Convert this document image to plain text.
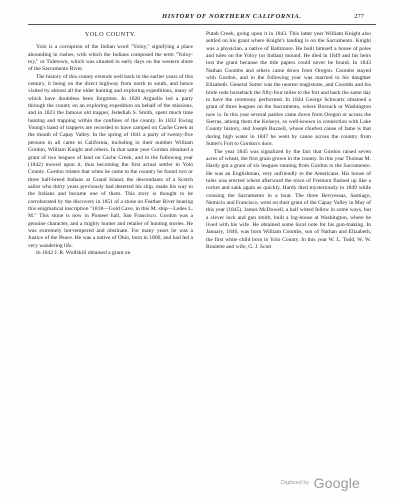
HISTORY OF NORTHERN CALIFORNIA.	277

YOLO COUNTY.

Yolo is a corruption of the Indian word "Yoloy," signifying a place abounding in rushes, with which the Indians composed the term "Yoloy-toy," or Tuletown, which was situated in early days on the western shore of the Sacramento River.

The history of this county extends well back to the earlier years of this century, it being on the direct highway from north to south, and hence visited by almost all the older hunting and exploring expeditions, many of which have doubtless been forgotten. In 1820 Arguello led a party through the county on an exploring expedition on behalf of the missions, and in 1823 the famous old trapper, Jedediah S. Smith, spent much time hunting and trapping within the confines of the county. In 1832 Ewing Young's band of trappers are recorded to have camped on Cache Creek at the mouth of Capay Valley. In the spring of 1841 a party of twenty-five persons in all came to California, including in their number William Gordon, William Knight and others. In that same year Gordon obtained a grant of two leagues of land on Cache Creek, and in the following year (1842) moved upon it, thus becoming the first actual settler in Yolo County. Gordon relates that when he came to the country he found two or three half-breed Indians at Grand Island, the descendants of a Scotch sailor who thirty years previously had deserted his ship, made his way to the Indians and became one of them. This story is thought to be corroborated by the discovery in 1851 of a stone on Feather River bearing this enigmatical inscription "1818—Gold Cave, in this M. ship—Lodes L. M." This stone is now in Pioneer hall, San Francisco. Gordon was a genuine character, and a mighty hunter and retailer of hunting stories. He was extremely hot-tempered and obstinate. For many years he was a Justice of the Peace. He was a native of Ohio, born in 1800, and had led a very wandering life.

In 1842 J. R. Wolfskill obtained a grant on

Putah Creek, going upon it in 1843. This latter year William Knight also settled on his grant where Knight's landing is on the Sacramento. Knight was a physician, a native of Baltimore. He built himself a house of poles and tules on the Yoloy (or Indian) mound. He died in 1849 and his heirs lost the grant because the title papers could never be found. In 1843 Nathan Coombs and others came down from Oregon. Coombs stayed with Gordon, and in the following year was married to his daughter Elizabeth. General Sutter was the nearest magistrate, and Coombs and his bride rode horseback the fifty-four miles to the fort and back the same day to have the ceremony performed. In 1844 George Schwartz obtained a grant of three leagues on the Sacramento, where Borsuck or Washington now is. In this year several parties came down from Oregon or across the Sierras, among them the Kelseys, so well-known in connection with Lake County history, and Joseph Buzzell, whose chiefest cause of fame is that during high water in 1847 he went by canoe across the country from Sutter's Fort to Gordon's door.

The year 1845 was signalized by the fact that Gordon raised seven acres of wheat, the first grain grown in the county. In this year Thomas M. Hardy got a grant of six leagues running from Gordon to the Sacramento. He was an Englishman, very unfriendly to the Americans. His house of tules was erected where afterward the town of Fremont flashed up like a rocket and sank again as quickly. Hardy died mysteriously in 1849 while crossing the Sacramento in a boat. The three Berryessas, Santiago, Nemicio and Francisco, went on their grant of the Capay Valley in May of this year (1845). James McDowell, a half witted fellow in some ways, but a clever lock and gun smith, built a log-house at Washington, where he lived with his wife. He obtained some local note for his gun-making. In January, 1846, was born William Coombs, son of Nathan and Elizabeth, the first white child born in Yolo County. In this year W. L. Todd, W. W. Roulette and wife, G. J. Scott

Digitized by Google
